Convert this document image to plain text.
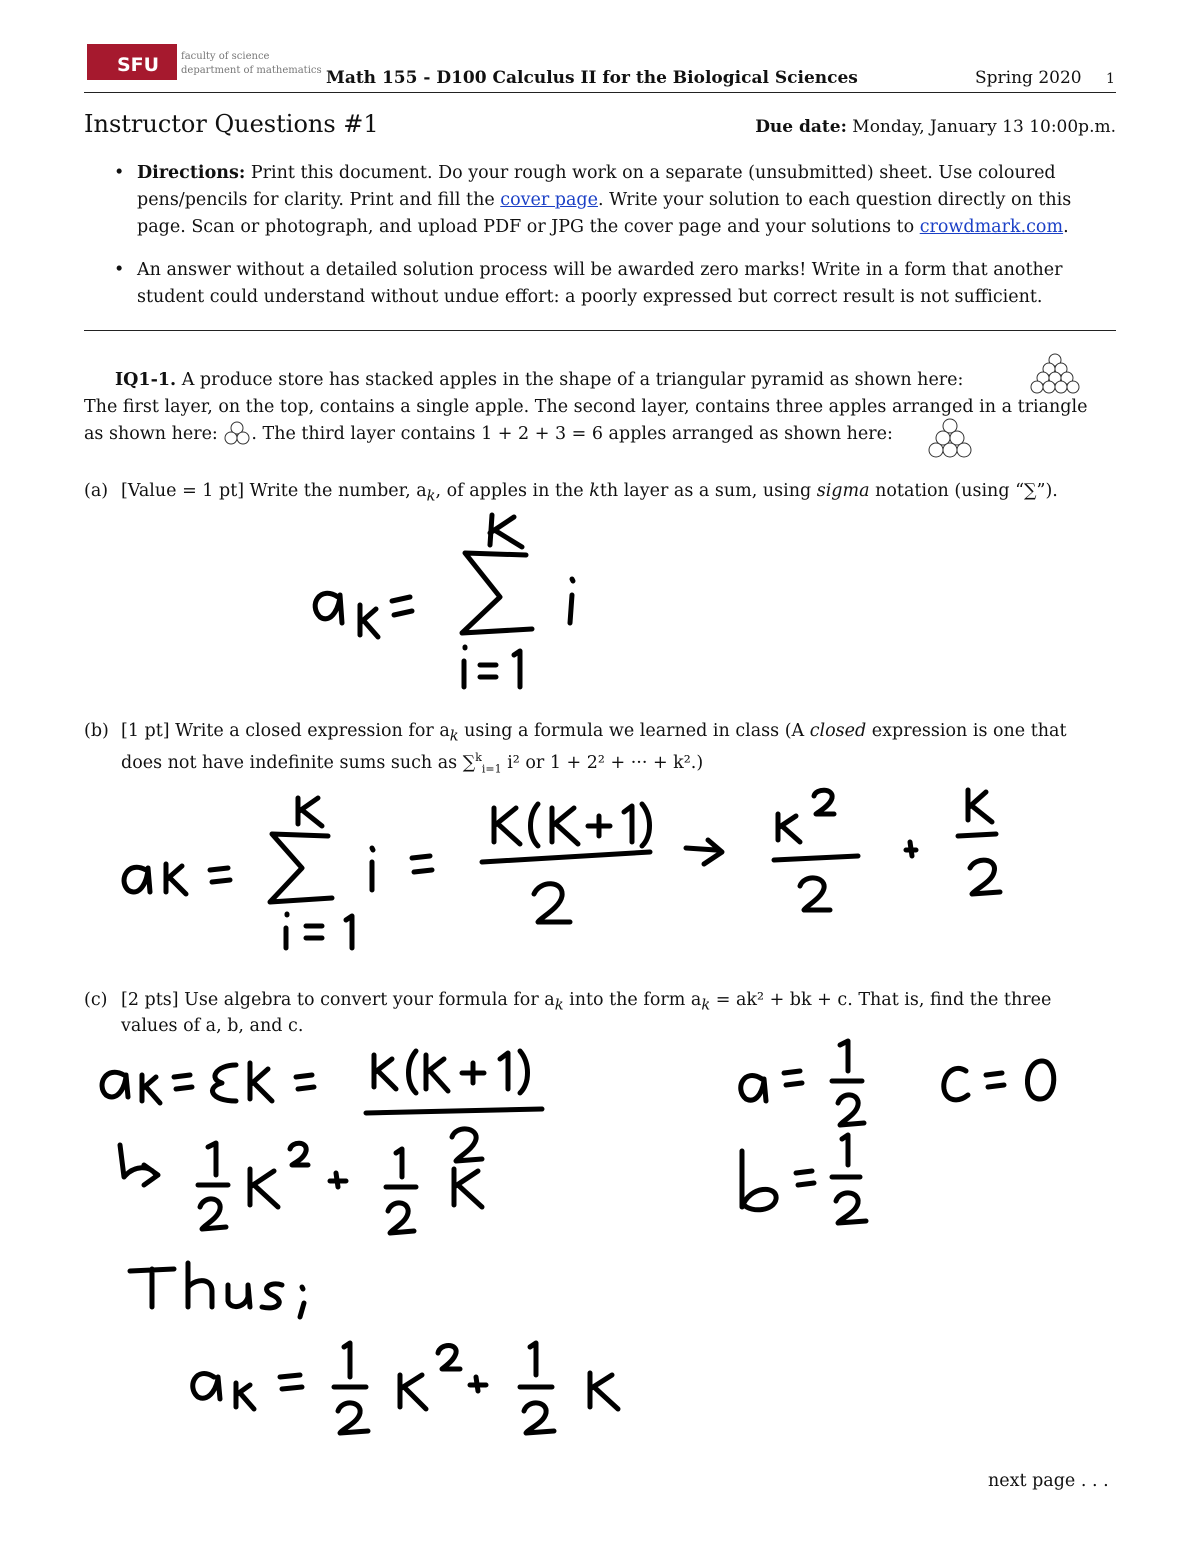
SFU faculty of science
department of mathematics Math 155 - D100 Calculus II for the Biological Sciences	Spring 2020 1
Instructor Questions #1	Due date: Monday, January 13 10:00p.m.
• Directions: Print this document. Do your rough work on a separate (unsubmitted) sheet. Use coloured pens/pencils for clarity. Print and fill the cover page. Write your solution to each question directly on this page. Scan or photograph, and upload PDF or JPG the cover page and your solutions to crowdmark.com.
• An answer without a detailed solution process will be awarded zero marks! Write in a form that another student could understand without undue effort: a poorly expressed but correct result is not sufficient.
IQ1-1. A produce store has stacked apples in the shape of a triangular pyramid as shown here:
The first layer, on the top, contains a single apple. The second layer, contains three apples arranged in a triangle
as shown here: . The third layer contains 1 + 2 + 3 = 6 apples arranged as shown here:
(a) [Value = 1 pt] Write the number, $a_k$, of apples in the kth layer as a sum, using sigma notation (using “∑”).
(b) [1 pt] Write a closed expression for $a_k$ using a formula we learned in class (A closed expression is one that
does not have indefinite sums such as ∑$^k_{i=1}$ i² or 1 + 2² + ··· + k².)
(c) [2 pts] Use algebra to convert your formula for $a_k$ into the form $a_k = ak^2$ + bk + c. That is, find the three
values of a, b, and c.
next page . . .
